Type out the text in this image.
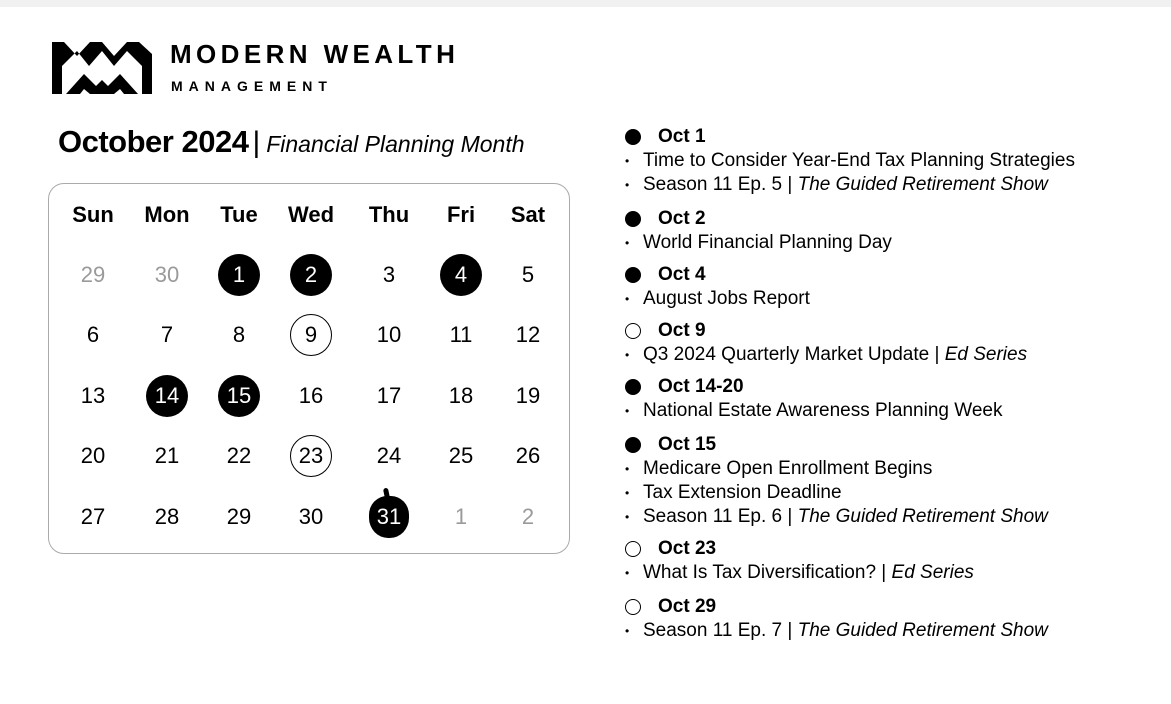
MODERN WEALTH
MANAGEMENT
October 2024 | Financial Planning Month
Sun	Mon	Tue	Wed	Thu	Fri	Sat
29	30	1	2	3	4	5
6	7	8	9	10	11	12
13	14	15	16	17	18	19
20	21	22	23	24	25	26
27	28	29	30	31	1	2
Oct 1
• Time to Consider Year-End Tax Planning Strategies
• Season 11 Ep. 5 | The Guided Retirement Show
Oct 2
• World Financial Planning Day
Oct 4
• August Jobs Report
Oct 9
• Q3 2024 Quarterly Market Update | Ed Series
Oct 14-20
• National Estate Awareness Planning Week
Oct 15
• Medicare Open Enrollment Begins
• Tax Extension Deadline
• Season 11 Ep. 6 | The Guided Retirement Show
Oct 23
• What Is Tax Diversification? | Ed Series
Oct 29
• Season 11 Ep. 7 | The Guided Retirement Show
